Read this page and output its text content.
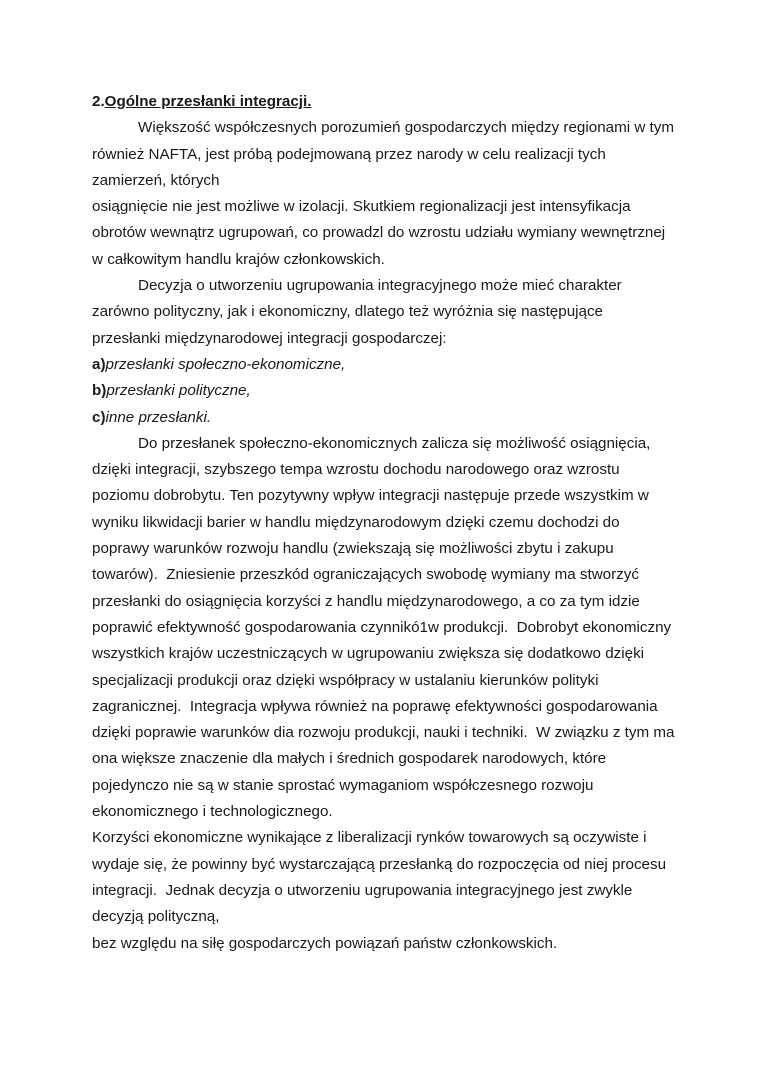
2.Ogólne przesłanki integracji.
Większość współczesnych porozumień gospodarczych między regionami w tym
również NAFTA, jest próbą podejmowaną przez narody w celu realizacji tych
zamierzeń, których
osiągnięcie nie jest możliwe w izolacji. Skutkiem regionalizacji jest intensyfikacja
obrotów wewnątrz ugrupowań, co prowadzl do wzrostu udziału wymiany wewnętrznej
w całkowitym handlu krajów członkowskich.
Decyzja o utworzeniu ugrupowania integracyjnego może mieć charakter
zarówno polityczny, jak i ekonomiczny, dlatego też wyróżnia się następujące
przesłanki międzynarodowej integracji gospodarczej:
a)przesłanki społeczno-ekonomiczne,
b)przesłanki polityczne,
c)inne przesłanki.
Do przesłanek społeczno-ekonomicznych zalicza się możliwość osiągnięcia,
dzięki integracji, szybszego tempa wzrostu dochodu narodowego oraz wzrostu
poziomu dobrobytu. Ten pozytywny wpływ integracji następuje przede wszystkim w
wyniku likwidacji barier w handlu międzynarodowym dzięki czemu dochodzi do
poprawy warunków rozwoju handlu (zwiekszają się możliwości zbytu i zakupu
towarów).  Zniesienie przeszkód ograniczających swobodę wymiany ma stworzyć
przesłanki do osiągnięcia korzyści z handlu międzynarodowego, a co za tym idzie
poprawić efektywność gospodarowania czynnikó1w produkcji.  Dobrobyt ekonomiczny
wszystkich krajów uczestniczących w ugrupowaniu zwiększa się dodatkowo dzięki
specjalizacji produkcji oraz dzięki współpracy w ustalaniu kierunków polityki
zagranicznej.  Integracja wpływa również na poprawę efektywności gospodarowania
dzięki poprawie warunków dia rozwoju produkcji, nauki i techniki.  W związku z tym ma
ona większe znaczenie dla małych i średnich gospodarek narodowych, które
pojedynczo nie są w stanie sprostać wymaganiom współczesnego rozwoju
ekonomicznego i technologicznego.
Korzyści ekonomiczne wynikające z liberalizacji rynków towarowych są oczywiste i
wydaje się, że powinny być wystarczającą przesłanką do rozpoczęcia od niej procesu
integracji.  Jednak decyzja o utworzeniu ugrupowania integracyjnego jest zwykle
decyzją polityczną,
bez względu na siłę gospodarczych powiązań państw członkowskich.
